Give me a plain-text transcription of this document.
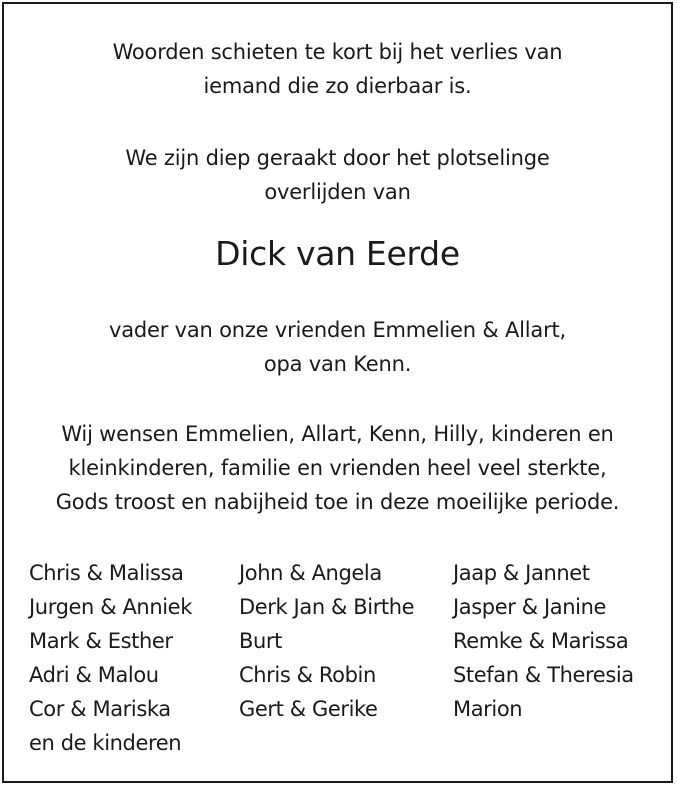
Woorden schieten te kort bij het verlies van
iemand die zo dierbaar is.
We zijn diep geraakt door het plotselinge
overlijden van
Dick van Eerde
vader van onze vrienden Emmelien & Allart,
opa van Kenn.
Wij wensen Emmelien, Allart, Kenn, Hilly, kinderen en
kleinkinderen, familie en vrienden heel veel sterkte,
Gods troost en nabijheid toe in deze moeilijke periode.
Chris & Malissa
Jurgen & Anniek
Mark & Esther
Adri & Malou
Cor & Mariska
en de kinderen
John & Angela
Derk Jan & Birthe
Burt
Chris & Robin
Gert & Gerike
Jaap & Jannet
Jasper & Janine
Remke & Marissa
Stefan & Theresia
Marion
